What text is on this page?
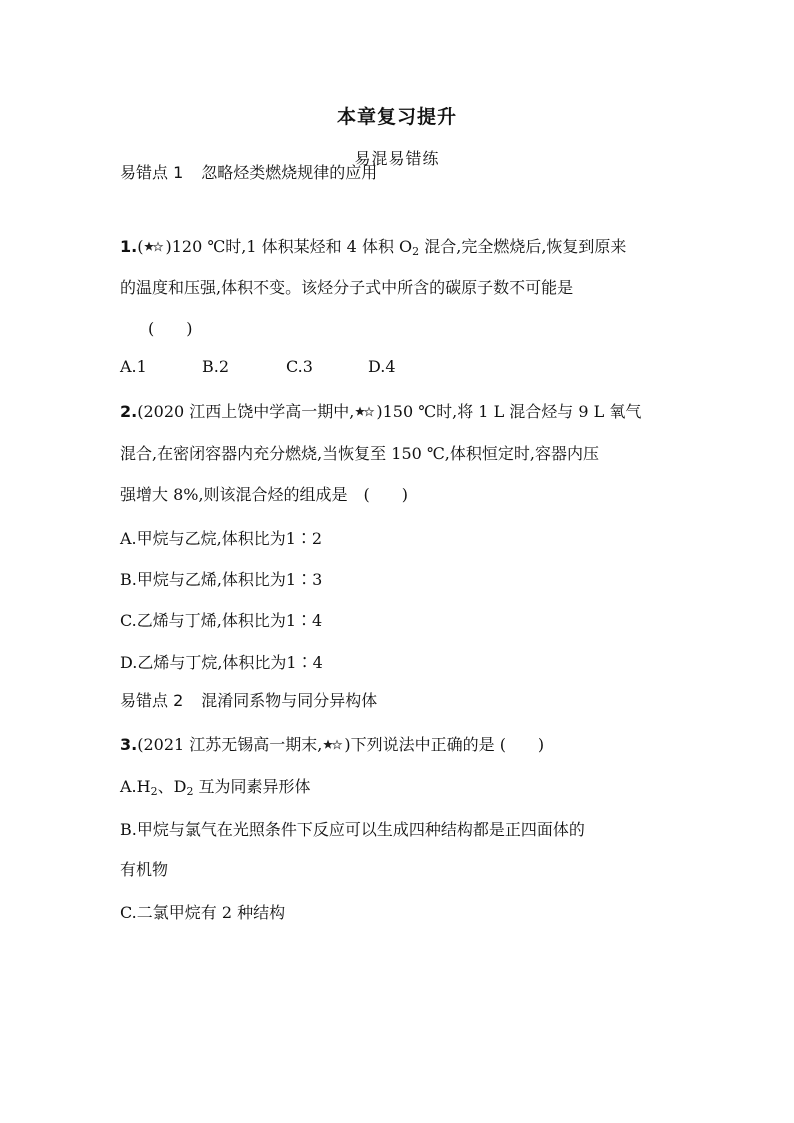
本章复习提升
易混易错练
易错点 1 忽略烃类燃烧规律的应用
1.( )120 ℃时,1 体积某烃和 4 体积 $O_2$ 混合,完全燃烧后,恢复到原来
的温度和压强,体积不变。该烃分子式中所含的碳原子数不可能是
(　　)
A.1	B.2	C.3	D.4
2.(2020 江西上饶中学高一期中, )150 ℃时,将 1 L 混合烃与 9 L 氧气
混合,在密闭容器内充分燃烧,当恢复至 150 ℃,体积恒定时,容器内压
强增大 8%,则该混合烃的组成是　(　　)
A.甲烷与乙烷,体积比为1∶2
B.甲烷与乙烯,体积比为1∶3
C.乙烯与丁烯,体积比为1∶4
D.乙烯与丁烷,体积比为1∶4
易错点 2 混淆同系物与同分异构体
3.(2021 江苏无锡高一期末, )下列说法中正确的是 (　　)
$A.H_2$、$D_2$ 互为同素异形体
B.甲烷与氯气在光照条件下反应可以生成四种结构都是正四面体的
有机物
C.二氯甲烷有 2 种结构
